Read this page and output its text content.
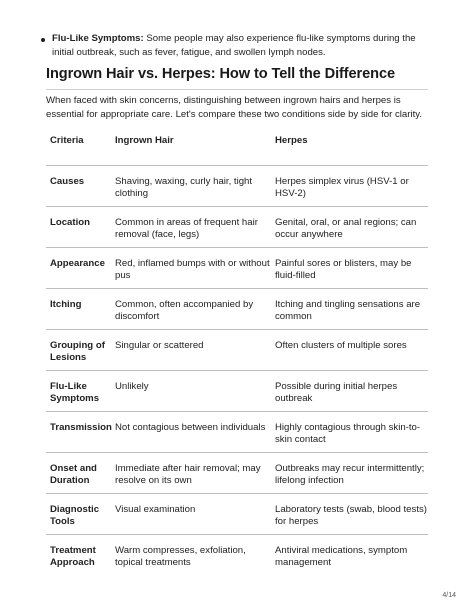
Flu-Like Symptoms: Some people may also experience flu-like symptoms during the initial outbreak, such as fever, fatigue, and swollen lymph nodes.
Ingrown Hair vs. Herpes: How to Tell the Difference
When faced with skin concerns, distinguishing between ingrown hairs and herpes is essential for appropriate care. Let's compare these two conditions side by side for clarity.
Criteria	Ingrown Hair	Herpes
Causes	Shaving, waxing, curly hair, tight clothing	Herpes simplex virus (HSV-1 or HSV-2)
Location	Common in areas of frequent hair removal (face, legs)	Genital, oral, or anal regions; can occur anywhere
Appearance	Red, inflamed bumps with or without pus	Painful sores or blisters, may be fluid-filled
Itching	Common, often accompanied by discomfort	Itching and tingling sensations are common
Grouping of Lesions	Singular or scattered	Often clusters of multiple sores
Flu-Like Symptoms	Unlikely	Possible during initial herpes outbreak
Transmission	Not contagious between individuals	Highly contagious through skin-to-skin contact
Onset and Duration	Immediate after hair removal; may resolve on its own	Outbreaks may recur intermittently; lifelong infection
Diagnostic Tools	Visual examination	Laboratory tests (swab, blood tests) for herpes
Treatment Approach	Warm compresses, exfoliation, topical treatments	Antiviral medications, symptom management
4/14
